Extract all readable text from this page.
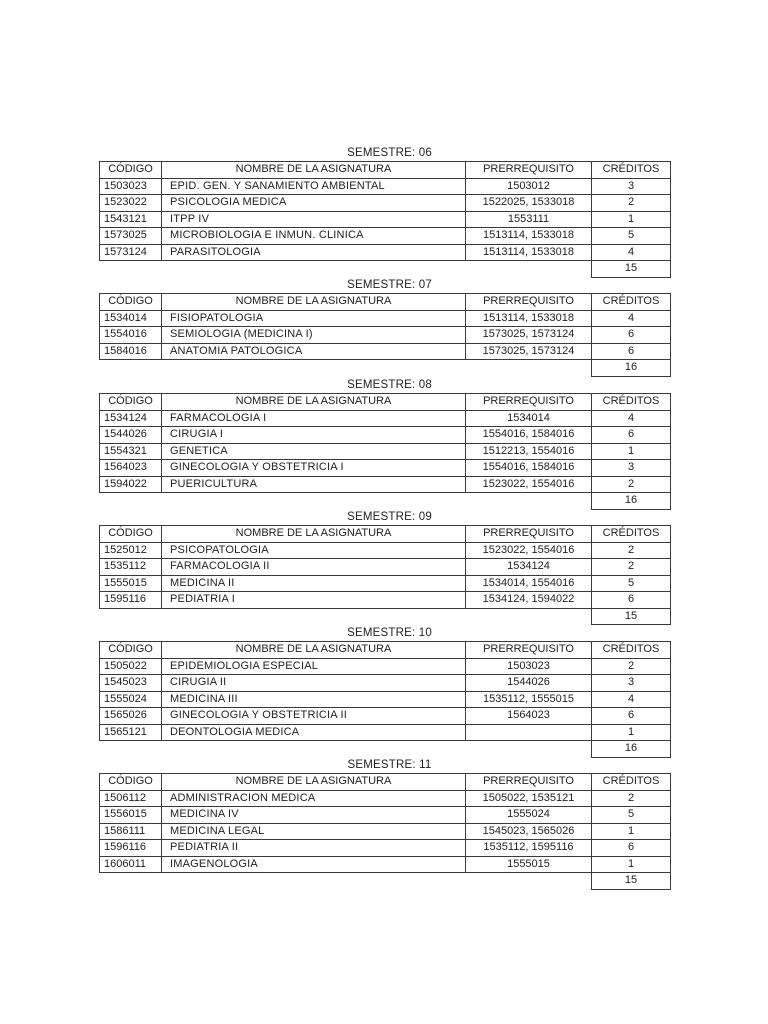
SEMESTRE: 06
CÓDIGO	NOMBRE DE LA ASIGNATURA	PRERREQUISITO	CRÉDITOS
1503023	EPID. GEN. Y SANAMIENTO AMBIENTAL	1503012	3
1523022	PSICOLOGIA MEDICA	1522025, 1533018	2
1543121	ITPP IV	1553111	1
1573025	MICROBIOLOGIA E INMUN. CLINICA	1513114, 1533018	5
1573124	PARASITOLOGIA	1513114, 1533018	4
			15
SEMESTRE: 07
CÓDIGO	NOMBRE DE LA ASIGNATURA	PRERREQUISITO	CRÉDITOS
1534014	FISIOPATOLOGIA	1513114, 1533018	4
1554016	SEMIOLOGIA (MEDICINA I)	1573025, 1573124	6
1584016	ANATOMIA PATOLOGICA	1573025, 1573124	6
			16
SEMESTRE: 08
CÓDIGO	NOMBRE DE LA ASIGNATURA	PRERREQUISITO	CRÉDITOS
1534124	FARMACOLOGIA I	1534014	4
1544026	CIRUGIA I	1554016, 1584016	6
1554321	GENETICA	1512213, 1554016	1
1564023	GINECOLOGIA Y OBSTETRICIA I	1554016, 1584016	3
1594022	PUERICULTURA	1523022, 1554016	2
			16
SEMESTRE: 09
CÓDIGO	NOMBRE DE LA ASIGNATURA	PRERREQUISITO	CRÉDITOS
1525012	PSICOPATOLOGIA	1523022, 1554016	2
1535112	FARMACOLOGIA II	1534124	2
1555015	MEDICINA II	1534014, 1554016	5
1595116	PEDIATRIA I	1534124, 1594022	6
			15
SEMESTRE: 10
CÓDIGO	NOMBRE DE LA ASIGNATURA	PRERREQUISITO	CRÉDITOS
1505022	EPIDEMIOLOGIA ESPECIAL	1503023	2
1545023	CIRUGIA II	1544026	3
1555024	MEDICINA III	1535112, 1555015	4
1565026	GINECOLOGIA Y OBSTETRICIA II	1564023	6
1565121	DEONTOLOGIA MEDICA		1
			16
SEMESTRE: 11
CÓDIGO	NOMBRE DE LA ASIGNATURA	PRERREQUISITO	CRÉDITOS
1506112	ADMINISTRACION MEDICA	1505022, 1535121	2
1556015	MEDICINA IV	1555024	5
1586111	MEDICINA LEGAL	1545023, 1565026	1
1596116	PEDIATRIA II	1535112, 1595116	6
1606011	IMAGENOLOGIA	1555015	1
			15
